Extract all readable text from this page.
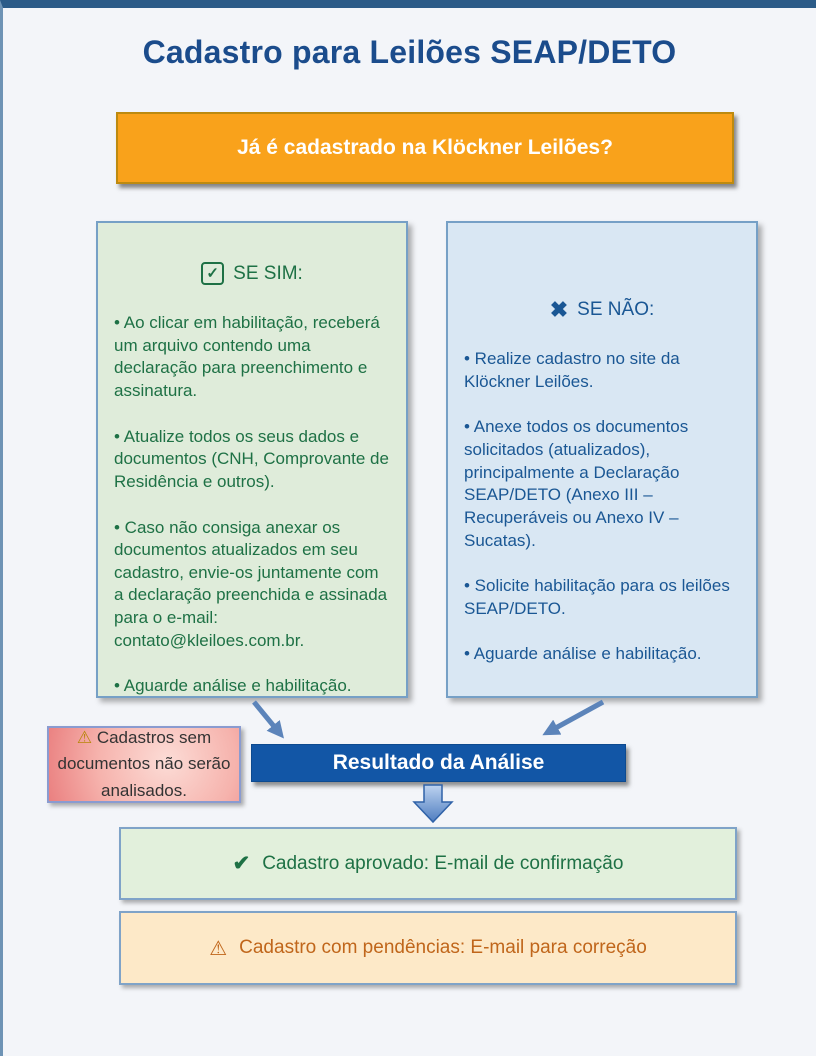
Cadastro para Leilões SEAP/DETO
Já é cadastrado na Klöckner Leilões?
✓ SE SIM:

• Ao clicar em habilitação, receberá um arquivo contendo uma declaração para preenchimento e assinatura.

• Atualize todos os seus dados e documentos (CNH, Comprovante de Residência e outros).

• Caso não consiga anexar os documentos atualizados em seu cadastro, envie-os juntamente com a declaração preenchida e assinada para o e-mail: contato@kleiloes.com.br.

• Aguarde análise e habilitação.

✖ SE NÃO:

• Realize cadastro no site da Klöckner Leilões.

• Anexe todos os documentos solicitados (atualizados), principalmente a Declaração SEAP/DETO (Anexo III – Recuperáveis ou Anexo IV – Sucatas).

• Solicite habilitação para os leilões SEAP/DETO.

• Aguarde análise e habilitação.

⚠ Cadastros sem documentos não serão analisados.
Resultado da Análise
✔ Cadastro aprovado: E-mail de confirmação
⚠ Cadastro com pendências: E-mail para correção
